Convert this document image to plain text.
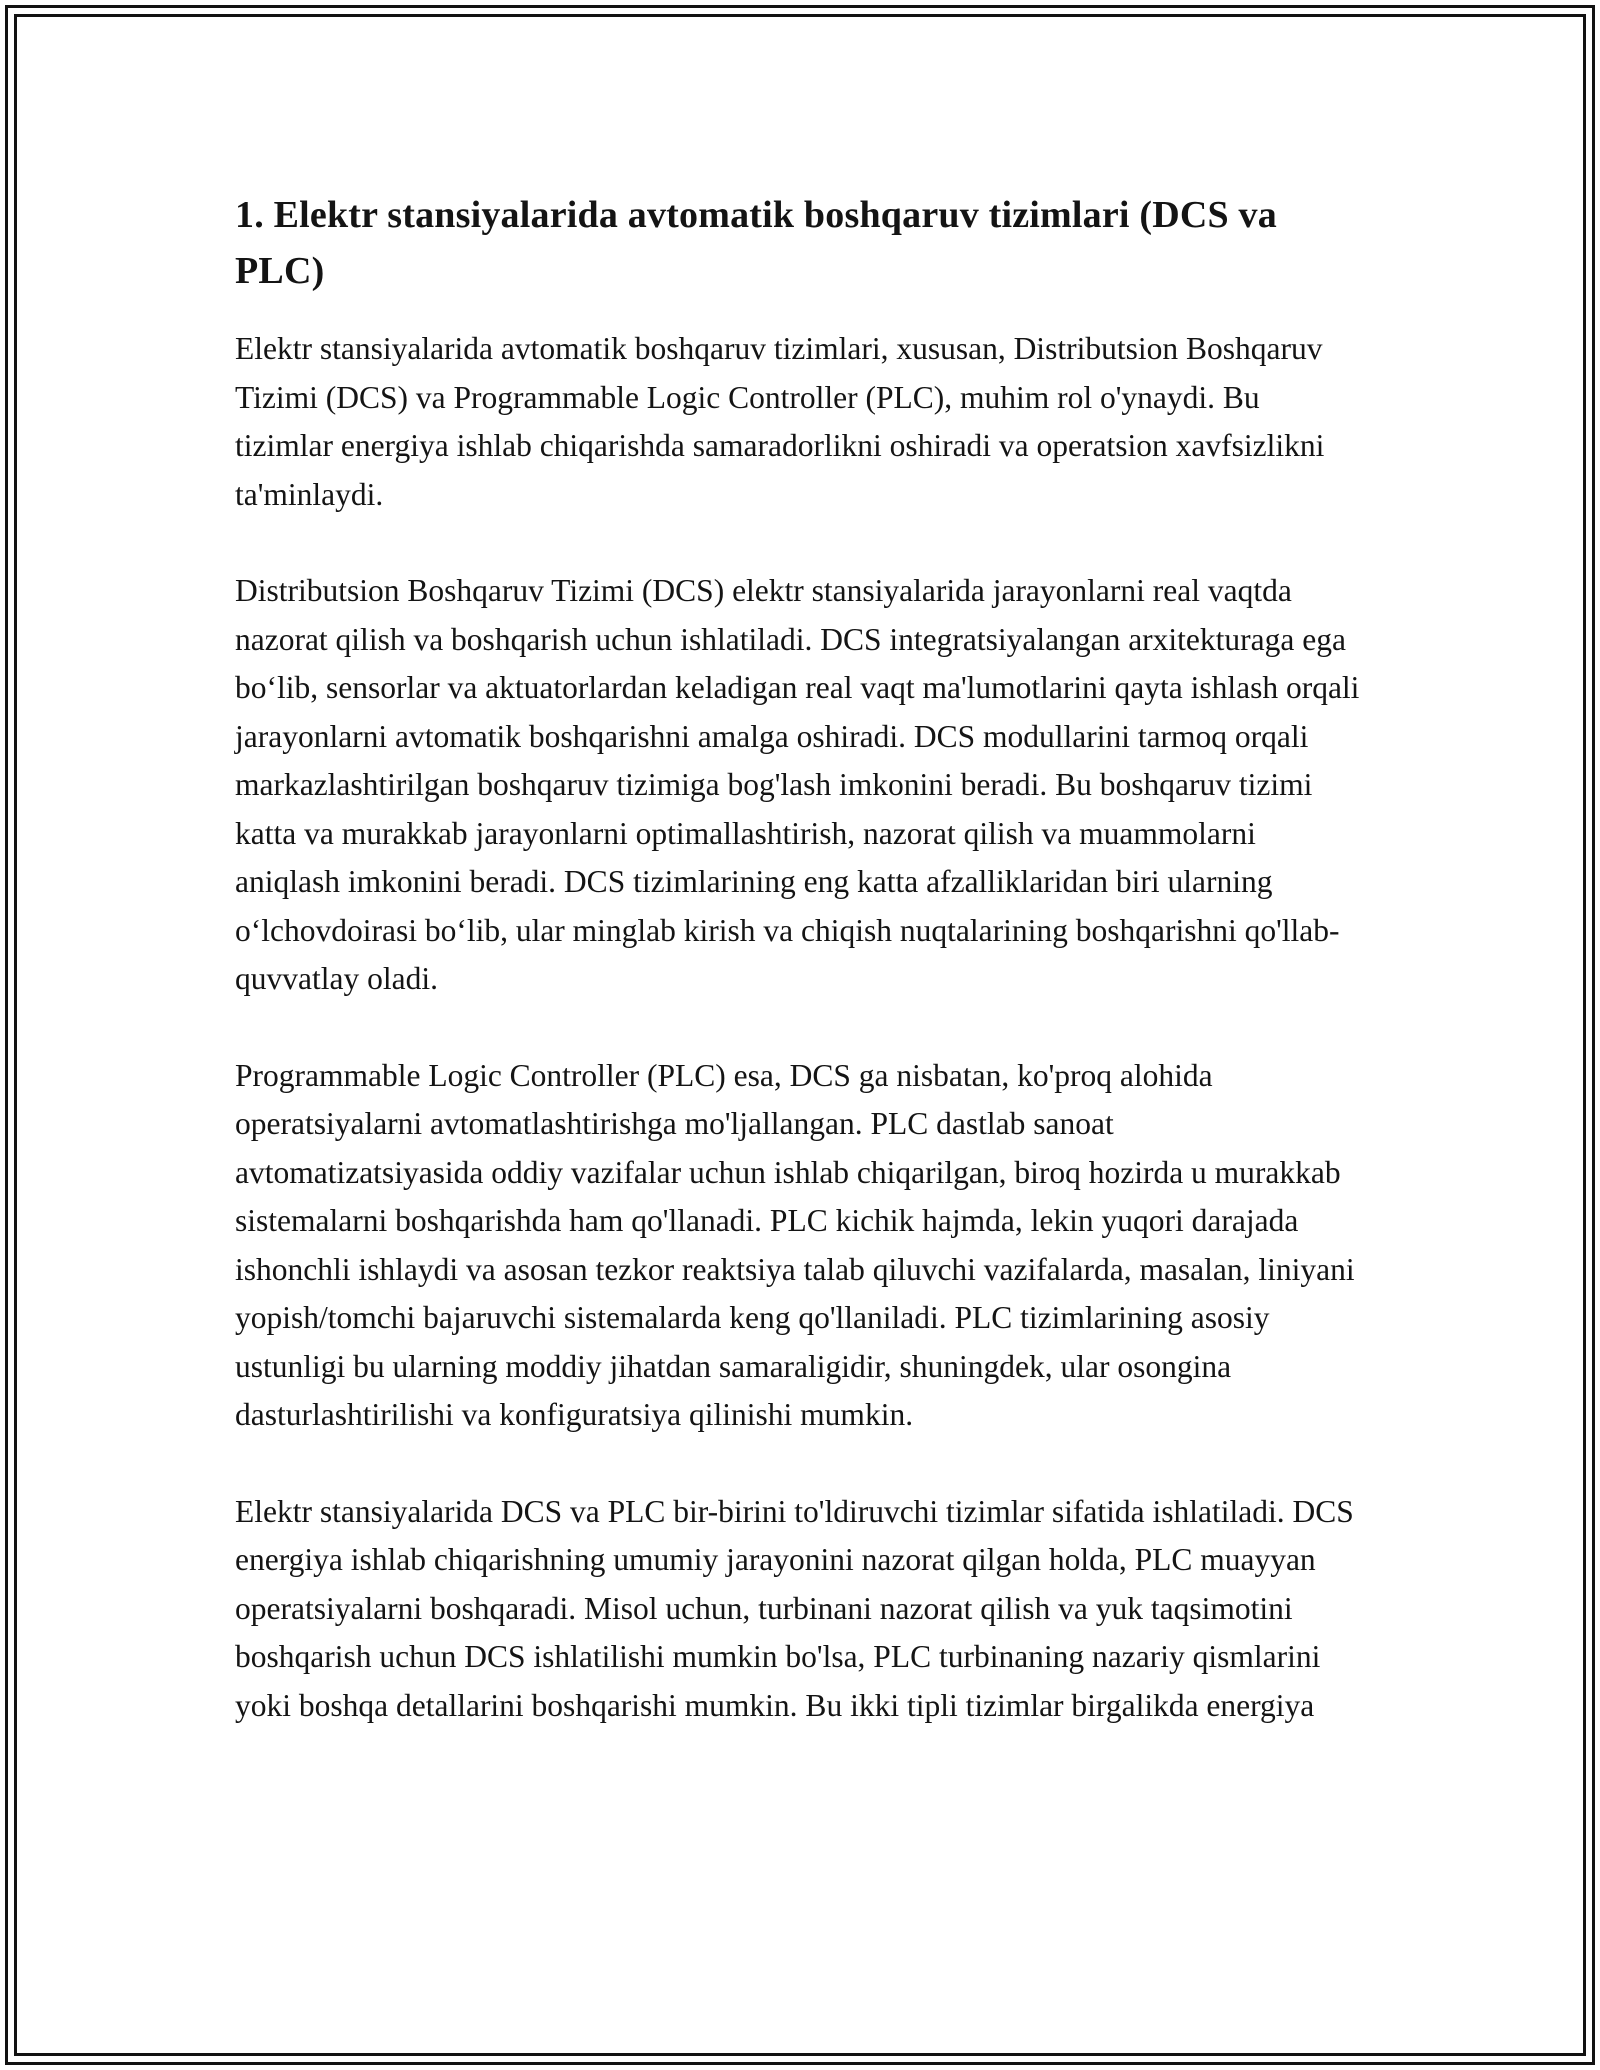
1. Elektr stansiyalarida avtomatik boshqaruv tizimlari (DCS va PLC)

Elektr stansiyalarida avtomatik boshqaruv tizimlari, xususan, Distributsion Boshqaruv Tizimi (DCS) va Programmable Logic Controller (PLC), muhim rol o'ynaydi. Bu tizimlar energiya ishlab chiqarishda samaradorlikni oshiradi va operatsion xavfsizlikni ta'minlaydi.

Distributsion Boshqaruv Tizimi (DCS) elektr stansiyalarida jarayonlarni real vaqtda nazorat qilish va boshqarish uchun ishlatiladi. DCS integratsiyalangan arxitekturaga ega bo‘lib, sensorlar va aktuatorlardan keladigan real vaqt ma'lumotlarini qayta ishlash orqali jarayonlarni avtomatik boshqarishni amalga oshiradi. DCS modullarini tarmoq orqali markazlashtirilgan boshqaruv tizimiga bog'lash imkonini beradi. Bu boshqaruv tizimi katta va murakkab jarayonlarni optimallashtirish, nazorat qilish va muammolarni aniqlash imkonini beradi. DCS tizimlarining eng katta afzalliklaridan biri ularning o‘lchovdoirasi bo‘lib, ular minglab kirish va chiqish nuqtalarining boshqarishni qo'llab-quvvatlay oladi.

Programmable Logic Controller (PLC) esa, DCS ga nisbatan, ko'proq alohida operatsiyalarni avtomatlashtirishga mo'ljallangan. PLC dastlab sanoat avtomatizatsiyasida oddiy vazifalar uchun ishlab chiqarilgan, biroq hozirda u murakkab sistemalarni boshqarishda ham qo'llanadi. PLC kichik hajmda, lekin yuqori darajada ishonchli ishlaydi va asosan tezkor reaktsiya talab qiluvchi vazifalarda, masalan, liniyani yopish/tomchi bajaruvchi sistemalarda keng qo'llaniladi. PLC tizimlarining asosiy ustunligi bu ularning moddiy jihatdan samaraligidir, shuningdek, ular osongina dasturlashtirilishi va konfiguratsiya qilinishi mumkin.

Elektr stansiyalarida DCS va PLC bir-birini to'ldiruvchi tizimlar sifatida ishlatiladi. DCS energiya ishlab chiqarishning umumiy jarayonini nazorat qilgan holda, PLC muayyan operatsiyalarni boshqaradi. Misol uchun, turbinani nazorat qilish va yuk taqsimotini boshqarish uchun DCS ishlatilishi mumkin bo'lsa, PLC turbinaning nazariy qismlarini yoki boshqa detallarini boshqarishi mumkin. Bu ikki tipli tizimlar birgalikda energiya
